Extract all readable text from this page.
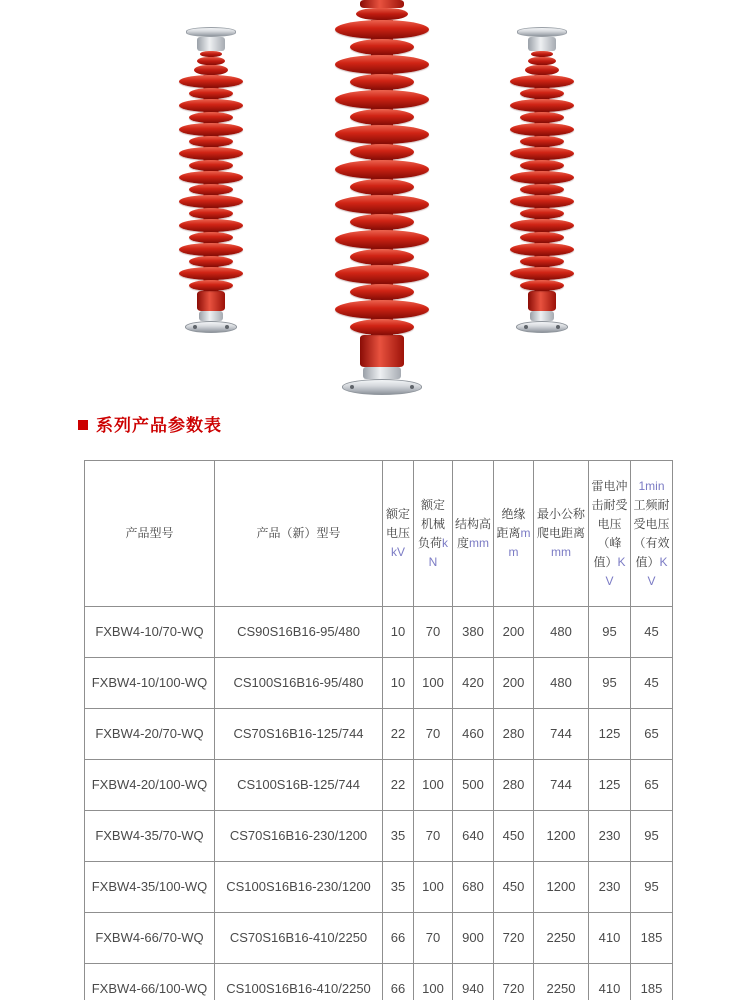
系列产品参数表
产品型号	产品（新）型号	额定电压kV	额定机械负荷kN	结构高度mm	绝缘距离mm	最小公称爬电距离mm	雷电冲击耐受电压（峰值）KV	1min工频耐受电压（有效值）KV
FXBW4-10/70-WQ	CS90S16B16-95/480	10	70	380	200	480	95	45
FXBW4-10/100-WQ	CS100S16B16-95/480	10	100	420	200	480	95	45
FXBW4-20/70-WQ	CS70S16B16-125/744	22	70	460	280	744	125	65
FXBW4-20/100-WQ	CS100S16B-125/744	22	100	500	280	744	125	65
FXBW4-35/70-WQ	CS70S16B16-230/1200	35	70	640	450	1200	230	95
FXBW4-35/100-WQ	CS100S16B16-230/1200	35	100	680	450	1200	230	95
FXBW4-66/70-WQ	CS70S16B16-410/2250	66	70	900	720	2250	410	185
FXBW4-66/100-WQ	CS100S16B16-410/2250	66	100	940	720	2250	410	185
